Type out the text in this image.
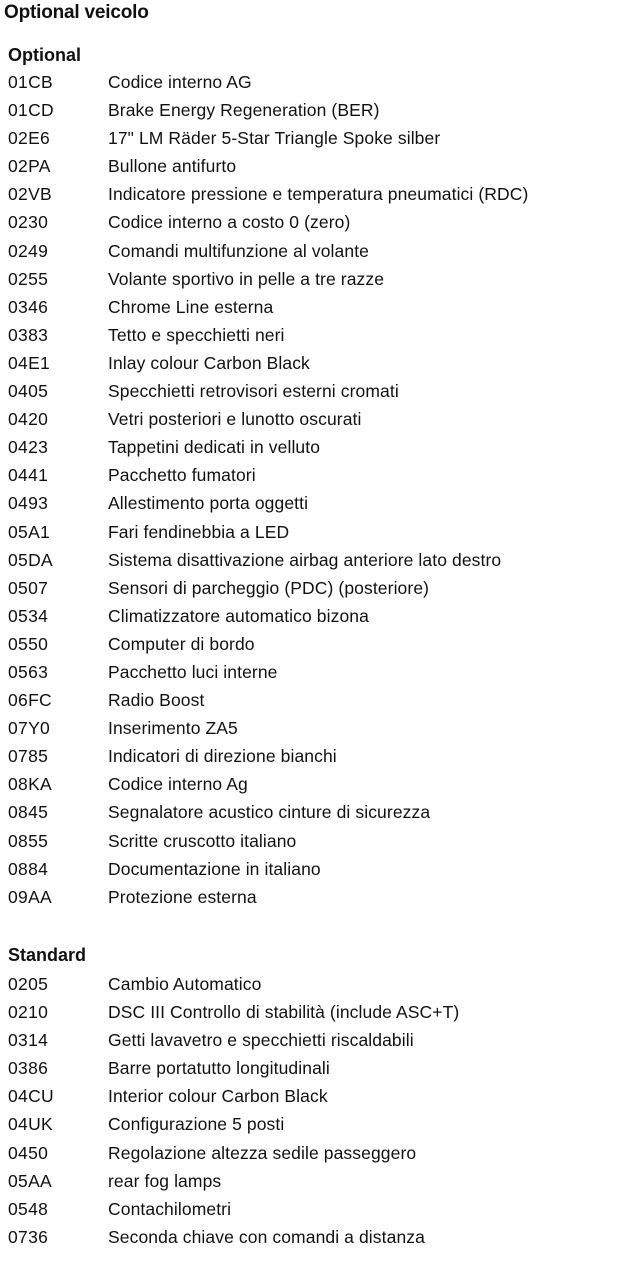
Optional veicolo
Optional
01CB	Codice interno AG
01CD	Brake Energy Regeneration (BER)
02E6	17" LM Räder 5-Star Triangle Spoke silber
02PA	Bullone antifurto
02VB	Indicatore pressione e temperatura pneumatici (RDC)
0230	Codice interno a costo 0 (zero)
0249	Comandi multifunzione al volante
0255	Volante sportivo in pelle a tre razze
0346	Chrome Line esterna
0383	Tetto e specchietti neri
04E1	Inlay colour Carbon Black
0405	Specchietti retrovisori esterni cromati
0420	Vetri posteriori e lunotto oscurati
0423	Tappetini dedicati in velluto
0441	Pacchetto fumatori
0493	Allestimento porta oggetti
05A1	Fari fendinebbia a LED
05DA	Sistema disattivazione airbag anteriore lato destro
0507	Sensori di parcheggio (PDC) (posteriore)
0534	Climatizzatore automatico bizona
0550	Computer di bordo
0563	Pacchetto luci interne
06FC	Radio Boost
07Y0	Inserimento ZA5
0785	Indicatori di direzione bianchi
08KA	Codice interno Ag
0845	Segnalatore acustico cinture di sicurezza
0855	Scritte cruscotto italiano
0884	Documentazione in italiano
09AA	Protezione esterna
Standard
0205	Cambio Automatico
0210	DSC III Controllo di stabilità (include ASC+T)
0314	Getti lavavetro e specchietti riscaldabili
0386	Barre portatutto longitudinali
04CU	Interior colour Carbon Black
04UK	Configurazione 5 posti
0450	Regolazione altezza sedile passeggero
05AA	rear fog lamps
0548	Contachilometri
0736	Seconda chiave con comandi a distanza
